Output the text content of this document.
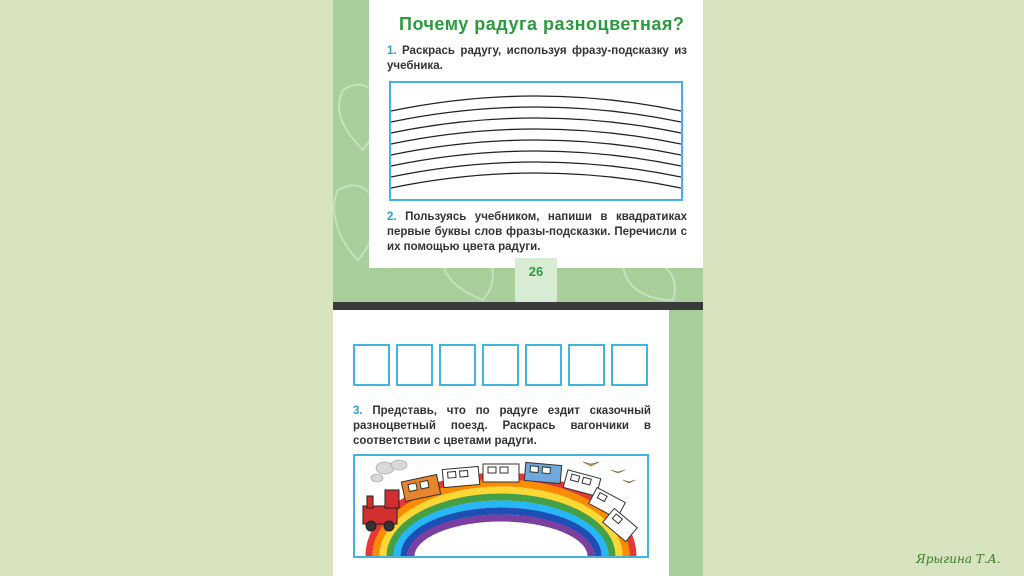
Почему радуга разноцветная?
1. Раскрась радугу, используя фразу-подсказку из учебника.
2. Пользуясь учебником, напиши в квадратиках первые буквы слов фразы-подсказки. Перечисли с их помощью цвета радуги.
26
3. Представь, что по радуге ездит сказочный разноцветный поезд. Раскрась вагончики в соответствии с цветами радуги.
Ярыгина Т.А.
